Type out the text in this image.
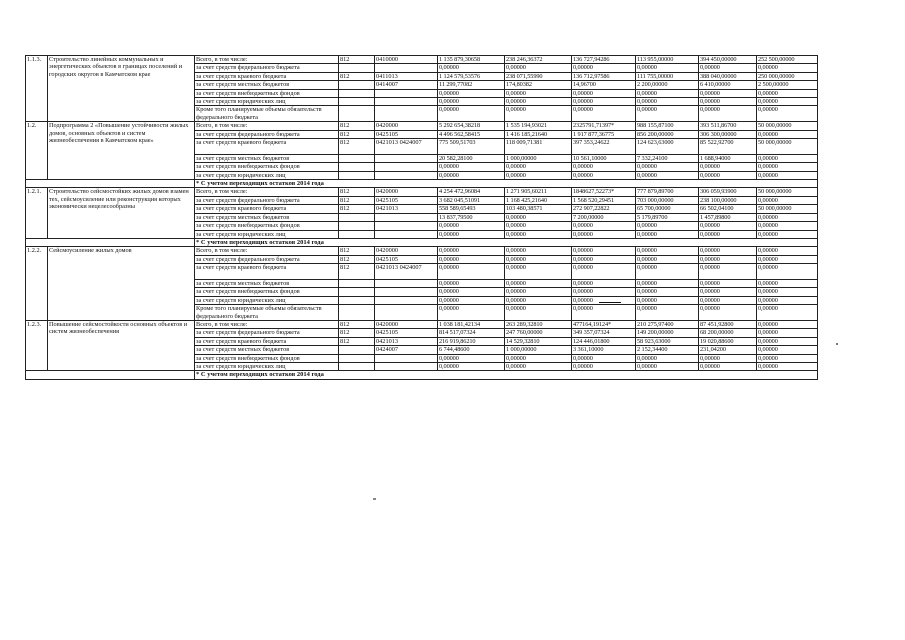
1.1.3.	Строительство линейных коммунальных и энергетических объектов в границах поселений и городских округов в Камчатском крае	Всего, в том числе:	812	0410000	1 135 879,30658	238 246,36372	136 727,94286	113 955,00000	394 450,00000	252 500,00000
		за счет средств федерального бюджета			0,00000	0,00000	0,00000	0,00000	0,00000	0,00000
		за счет средств краевого бюджета	812	0411013	1 124 579,53576	238 071,55990	136 712,97586	111 755,00000	388 040,00000	250 000,00000
		за счет средств местных бюджетов		0414007	11 299,77082	174,80382	14,96700	2 200,00000	6 410,00000	2 500,00000
		за счет средств внебюджетных фондов			0,00000	0,00000	0,00000	0,00000	0,00000	0,00000
		за счет средств юридических лиц			0,00000	0,00000	0,00000	0,00000	0,00000	0,00000
		Кроме того планируемые объемы обязательств федерального бюджета			0,00000	0,00000	0,00000	0,00000	0,00000	0,00000
1.2.	Подпрограмма 2 «Повышение устойчивости жилых домов, основных объектов и систем жизнеобеспечения в Камчатском крае»	Всего, в том числе:	812	0420000	5 292 654,38218	1 535 194,93021	2325791,71397*	988 155,87100	393 511,86700	50 000,00000
		за счет средств федерального бюджета	812	0425105	4 496 562,58415	1 416 185,21640	1 917 877,36775	856 200,00000	306 300,00000	0,00000
		за счет средств краевого бюджета	812	0421013 0424007	775 509,51703	118 009,71381	397 353,24622	124 623,63000	85 522,92700	50 000,00000
		за счет средств местных бюджетов			20 582,28100	1 000,00000	10 561,10000	7 332,24100	1 688,94000	0,00000
		за счет средств внебюджетных фондов			0,00000	0,00000	0,00000	0,00000	0,00000	0,00000
		за счет средств юридических лиц			0,00000	0,00000	0,00000	0,00000	0,00000	0,00000
		* С учетом переходящих остатков 2014 года								
1.2.1.	Строительство сейсмостойких жилых домов взамен тех, сейсмоусиление или реконструкция которых экономически нецелесообразны	Всего, в том числе:	812	0420000	4 254 472,96084	1 271 905,60211	1848627,52273*	777 879,89700	306 059,93900	50 000,00000
		за счет средств федерального бюджета	812	0425105	3 682 045,51091	1 168 425,21640	1 568 520,29451	703 000,00000	238 100,00000	0,00000
		за счет средств краевого бюджета	812	0421013	558 589,65493	103 480,38571	272 907,22822	65 700,00000	66 502,04100	50 000,00000
		за счет средств местных бюджетов			13 837,79500	0,00000	7 200,00000	5 179,89700	1 457,89800	0,00000
		за счет средств внебюджетных фондов			0,00000	0,00000	0,00000	0,00000	0,00000	0,00000
		за счет средств юридических лиц			0,00000	0,00000	0,00000	0,00000	0,00000	0,00000
		* С учетом переходящих остатков 2014 года								
1.2.2.	Сейсмоусиление жилых домов	Всего, в том числе:	812	0420000	0,00000	0,00000	0,00000	0,00000	0,00000	0,00000
		за счет средств федерального бюджета	812	0425105	0,00000	0,00000	0,00000	0,00000	0,00000	0,00000
		за счет средств краевого бюджета	812	0421013 0424007	0,00000	0,00000	0,00000	0,00000	0,00000	0,00000
		за счет средств местных бюджетов			0,00000	0,00000	0,00000	0,00000	0,00000	0,00000
		за счет средств внебюджетных фондов			0,00000	0,00000	0,00000	0,00000	0,00000	0,00000
		за счет средств юридических лиц			0,00000	0,00000	0,00000	0,00000	0,00000	0,00000
		Кроме того планируемые объемы обязательств федерального бюджета			0,00000	0,00000	0,00000	0,00000	0,00000	0,00000
1.2.3.	Повышение сейсмостойкости основных объектов и систем жизнеобеспечения	Всего, в том числе:	812	0420000	1 038 181,42134	263 289,32810	477164,19124*	210 275,97400	87 451,92800	0,00000
		за счет средств федерального бюджета	812	0425105	814 517,07324	247 760,00000	349 357,07324	149 200,00000	68 200,00000	0,00000
		за счет средств краевого бюджета	812	0421013	216 919,86210	14 529,32810	124 446,01800	58 923,63000	19 020,88600	0,00000
		за счет средств местных бюджетов		0424007	6 744,48600	1 000,00000	3 361,10000	2 152,34400	231,04200	0,00000
		за счет средств внебюджетных фондов			0,00000	0,00000	0,00000	0,00000	0,00000	0,00000
		за счет средств юридических лиц			0,00000	0,00000	0,00000	0,00000	0,00000	0,00000
		* С учетом переходящих остатков 2014 года								
